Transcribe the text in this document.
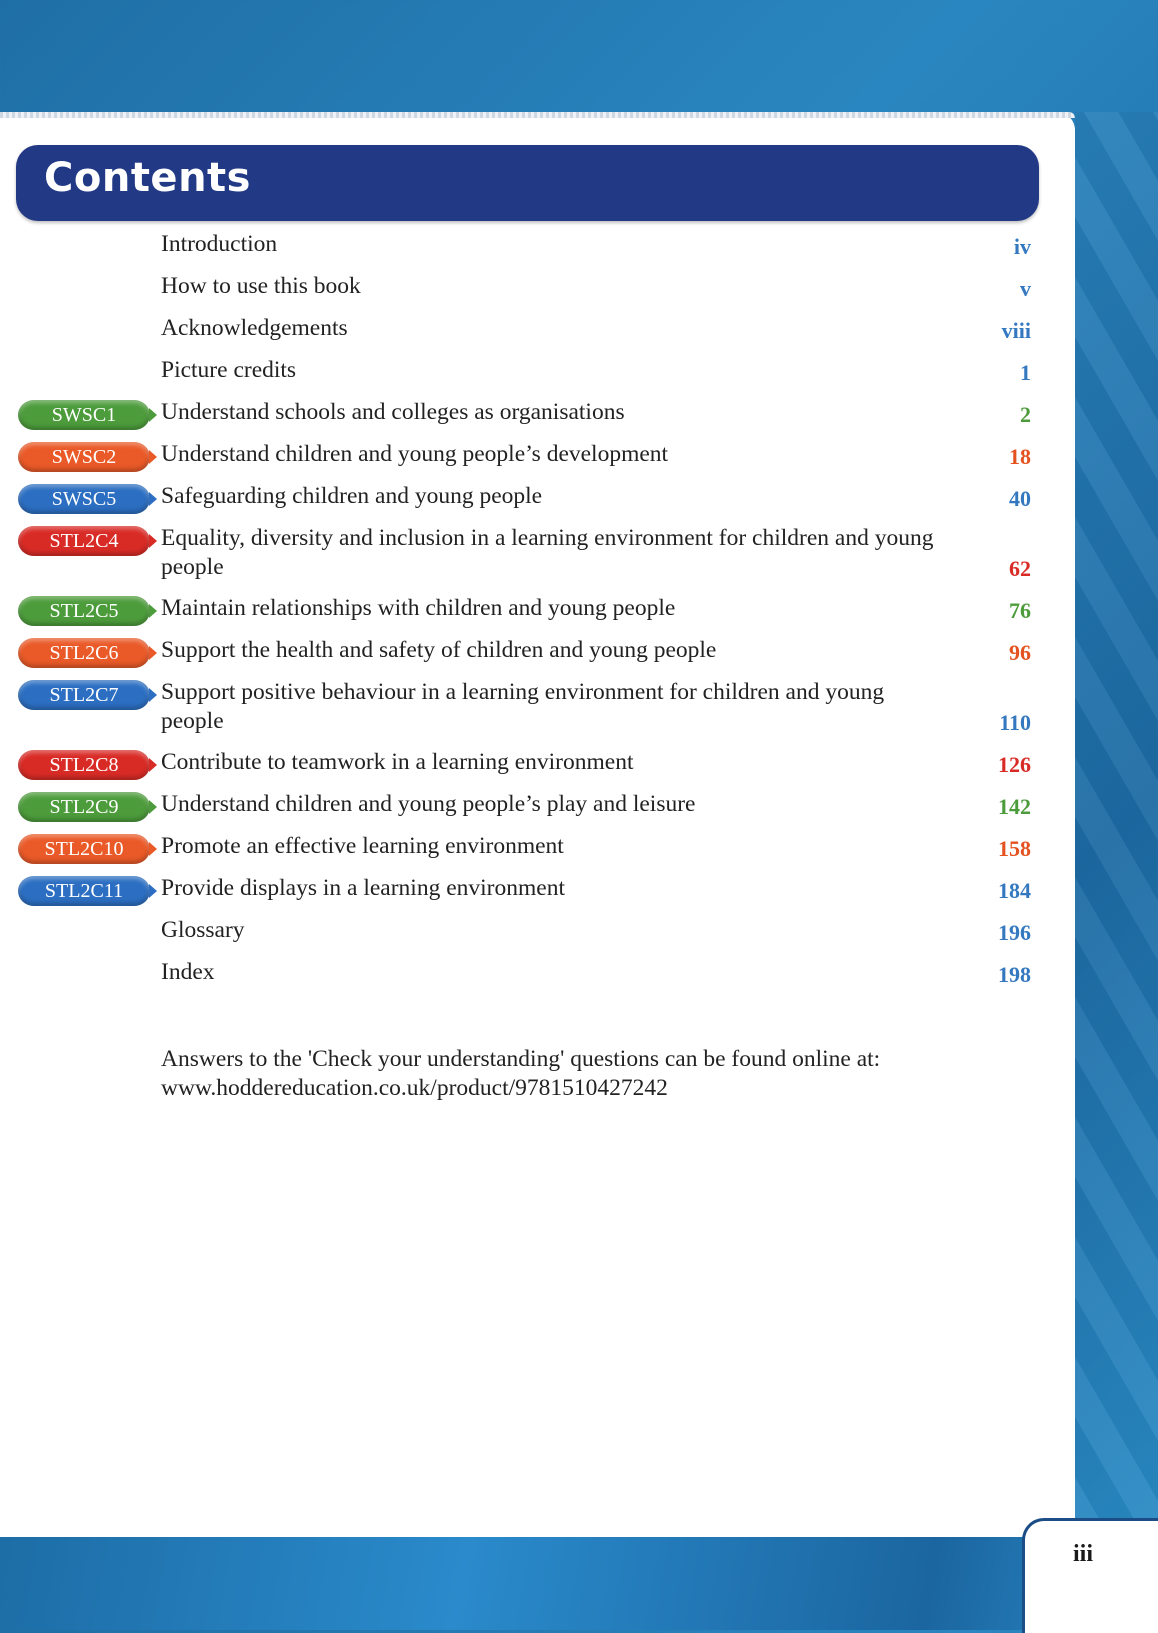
Contents
Introduction	iv
How to use this book	v
Acknowledgements	viii
Picture credits	1
SWSC1	Understand schools and colleges as organisations	2
SWSC2	Understand children and young people’s development	18
SWSC5	Safeguarding children and young people	40
STL2C4	Equality, diversity and inclusion in a learning environment for children and young people	62
STL2C5	Maintain relationships with children and young people	76
STL2C6	Support the health and safety of children and young people	96
STL2C7	Support positive behaviour in a learning environment for children and young people	110
STL2C8	Contribute to teamwork in a learning environment	126
STL2C9	Understand children and young people’s play and leisure	142
STL2C10	Promote an effective learning environment	158
STL2C11	Provide displays in a learning environment	184
Glossary	196
Index	198
Answers to the 'Check your understanding' questions can be found online at:
www.hoddereducation.co.uk/product/9781510427242
iii
